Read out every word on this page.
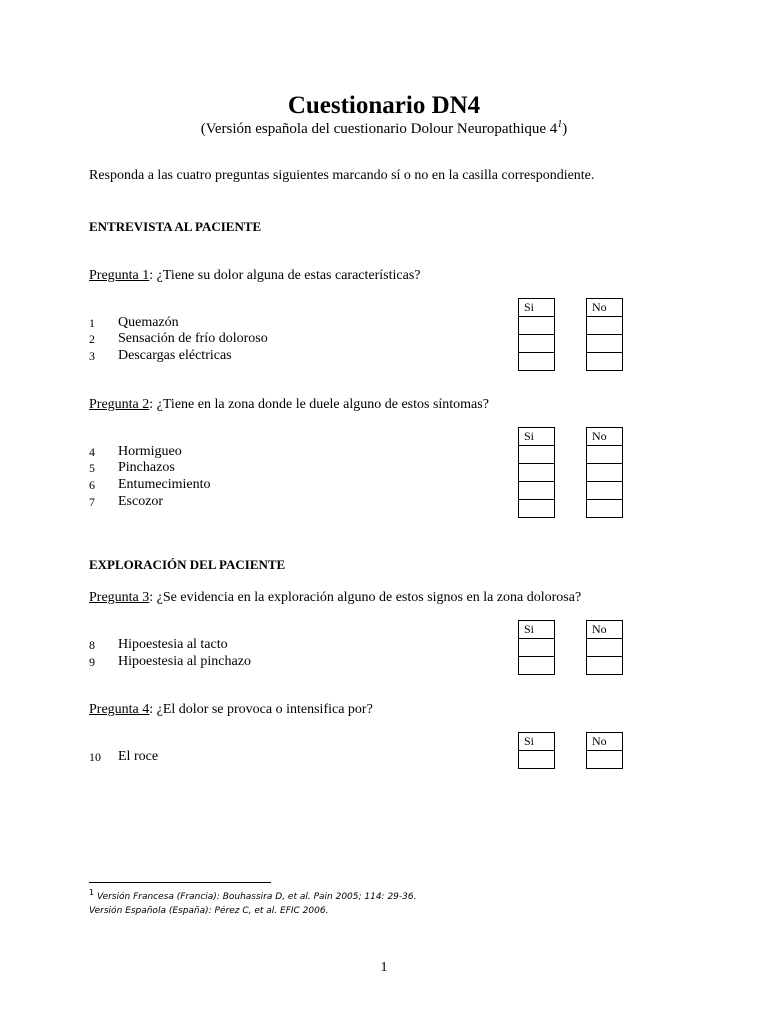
Cuestionario DN4
(Versión española del cuestionario Dolour Neuropathique $4^1$)
Responda a las cuatro preguntas siguientes marcando sí o no en la casilla correspondiente.
ENTREVISTA AL PACIENTE
Pregunta 1: ¿Tiene su dolor alguna de estas características?
Si	No
1 Quemazón
2 Sensación de frío doloroso
3 Descargas eléctricas
Pregunta 2: ¿Tiene en la zona donde le duele alguno de estos síntomas?
Si	No
4 Hormigueo
5 Pinchazos
6 Entumecimiento
7 Escozor
EXPLORACIÓN DEL PACIENTE
Pregunta 3: ¿Se evidencia en la exploración alguno de estos signos en la zona dolorosa?
Si	No
8 Hipoestesia al tacto
9 Hipoestesia al pinchazo
Pregunta 4: ¿El dolor se provoca o intensifica por?
Si	No
10 El roce
$^1$ Versión Francesa (Francia): Bouhassira D, et al. Pain 2005; 114: 29-36.
Versión Española (España): Pérez C, et al. EFIC 2006.
1
